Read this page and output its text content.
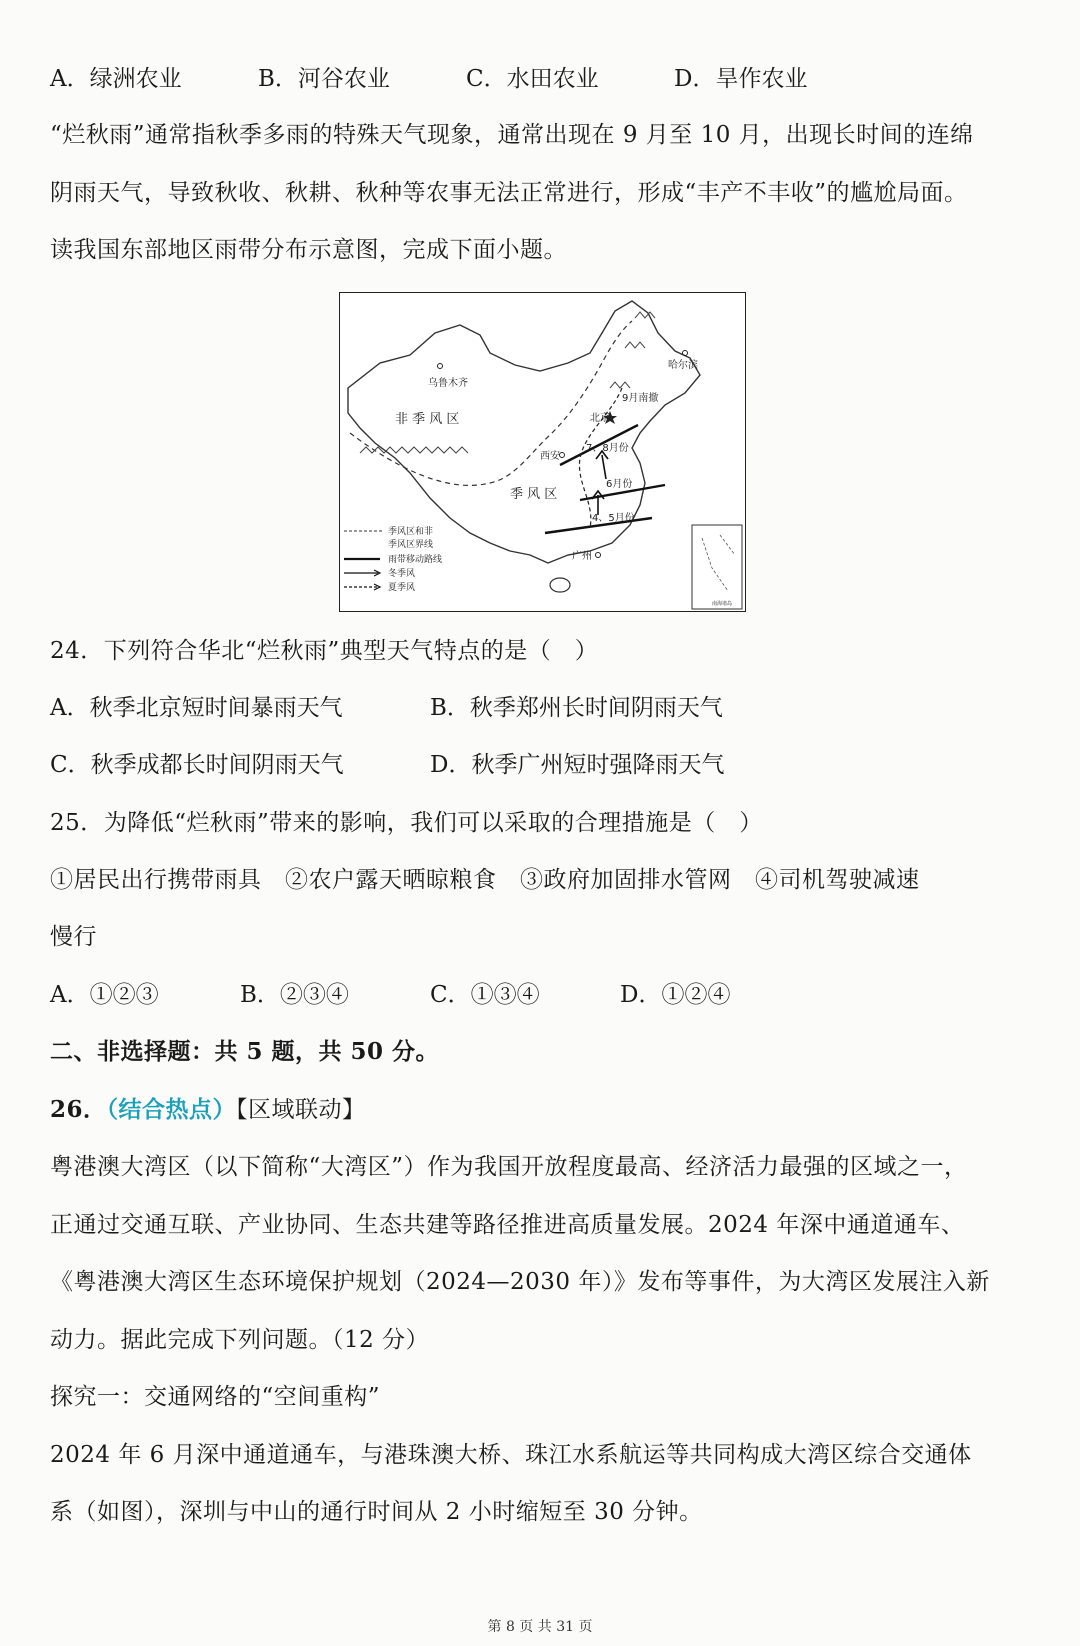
A．绿洲农业	B．河谷农业	C．水田农业	D．旱作农业
“烂秋雨”通常指秋季多雨的特殊天气现象，通常出现在 9 月至 10 月，出现长时间的连绵
阴雨天气，导致秋收、秋耕、秋种等农事无法正常进行，形成“丰产不丰收”的尴尬局面。
读我国东部地区雨带分布示意图，完成下面小题。
乌鲁木齐
哈尔滨
非 季 风 区
季 风 区
北京
西安
广州
9月南撤
7、8月份
6月份
4、5月份
南海诸岛
季风区和非
季风区界线
雨带移动路线
冬季风
夏季风
24．下列符合华北“烂秋雨”典型天气特点的是（　）
A．秋季北京短时间暴雨天气	B．秋季郑州长时间阴雨天气
C．秋季成都长时间阴雨天气	D．秋季广州短时强降雨天气
25．为降低“烂秋雨”带来的影响，我们可以采取的合理措施是（　）
①居民出行携带雨具　②农户露天晒晾粮食　③政府加固排水管网　④司机驾驶减速
慢行
A．①②③	B．②③④	C．①③④	D．①②④
二、非选择题：共 5 题，共 50 分。
26．（结合热点）【区域联动】
粤港澳大湾区（以下简称“大湾区”）作为我国开放程度最高、经济活力最强的区域之一，
正通过交通互联、产业协同、生态共建等路径推进高质量发展。2024 年深中通道通车、
《粤港澳大湾区生态环境保护规划（2024—2030 年）》发布等事件，为大湾区发展注入新
动力。据此完成下列问题。（12 分）
探究一：交通网络的“空间重构”
2024 年 6 月深中通道通车，与港珠澳大桥、珠江水系航运等共同构成大湾区综合交通体
系（如图），深圳与中山的通行时间从 2 小时缩短至 30 分钟。
第 8 页 共 31 页
